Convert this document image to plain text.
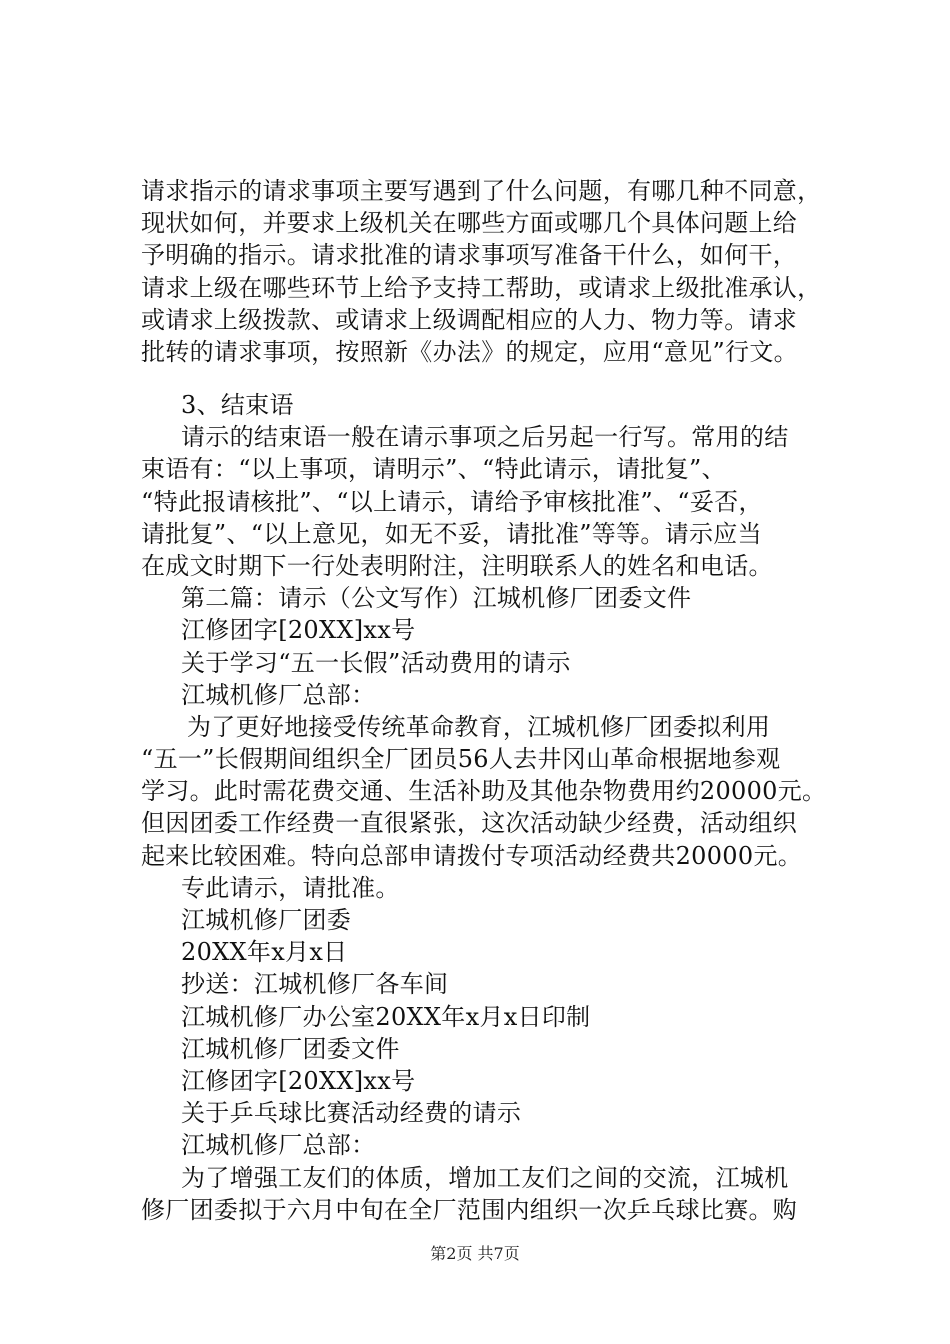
请求指示的请求事项主要写遇到了什么问题，有哪几种不同意，
现状如何，并要求上级机关在哪些方面或哪几个具体问题上给
予明确的指示。请求批准的请求事项写准备干什么，如何干，
请求上级在哪些环节上给予支持工帮助，或请求上级批准承认，
或请求上级拨款、或请求上级调配相应的人力、物力等。请求
批转的请求事项，按照新《办法》的规定，应用“意见”行文。
3、结束语
请示的结束语一般在请示事项之后另起一行写。常用的结
束语有：“以上事项，请明示”、“特此请示，请批复”、
“特此报请核批”、“以上请示，请给予审核批准”、“妥否，
请批复”、“以上意见，如无不妥，请批准”等等。请示应当
在成文时期下一行处表明附注，注明联系人的姓名和电话。
第二篇：请示（公文写作）江城机修厂团委文件
江修团字[20XX]xx号
关于学习“五一长假”活动费用的请示
江城机修厂总部：
为了更好地接受传统革命教育，江城机修厂团委拟利用
“五一”长假期间组织全厂团员56人去井冈山革命根据地参观
学习。此时需花费交通、生活补助及其他杂物费用约20000元。
但因团委工作经费一直很紧张，这次活动缺少经费，活动组织
起来比较困难。特向总部申请拨付专项活动经费共20000元。
专此请示，请批准。
江城机修厂团委
20XX年x月x日
抄送：江城机修厂各车间
江城机修厂办公室20XX年x月x日印制
江城机修厂团委文件
江修团字[20XX]xx号
关于乒乓球比赛活动经费的请示
江城机修厂总部：
为了增强工友们的体质，增加工友们之间的交流，江城机
修厂团委拟于六月中旬在全厂范围内组织一次乒乓球比赛。购
第2页 共7页
